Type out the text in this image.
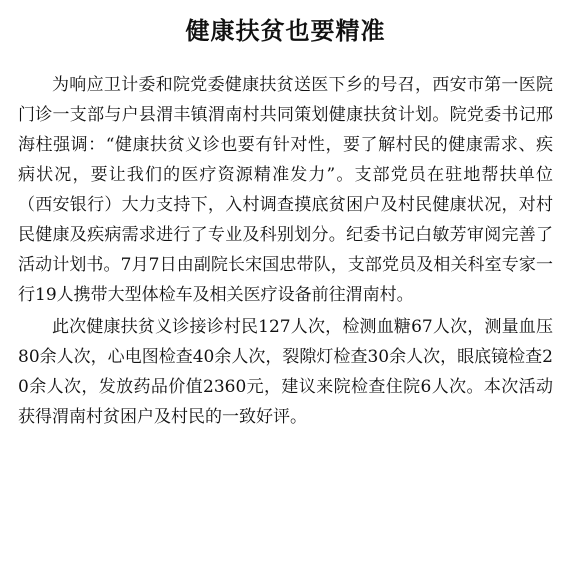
健康扶贫也要精准

为响应卫计委和院党委健康扶贫送医下乡的号召，西安市第一医院门诊一支部与户县渭丰镇渭南村共同策划健康扶贫计划。院党委书记邢海柱强调：“健康扶贫义诊也要有针对性，要了解村民的健康需求、疾病状况，要让我们的医疗资源精准发力”。支部党员在驻地帮扶单位（西安银行）大力支持下，入村调查摸底贫困户及村民健康状况，对村民健康及疾病需求进行了专业及科别划分。纪委书记白敏芳审阅完善了活动计划书。7月7日由副院长宋国忠带队，支部党员及相关科室专家一行19人携带大型体检车及相关医疗设备前往渭南村。

此次健康扶贫义诊接诊村民127人次，检测血糖67人次，测量血压80余人次，心电图检查40余人次，裂隙灯检查30余人次，眼底镜检查20余人次，发放药品价值2360元，建议来院检查住院6人次。本次活动获得渭南村贫困户及村民的一致好评。
